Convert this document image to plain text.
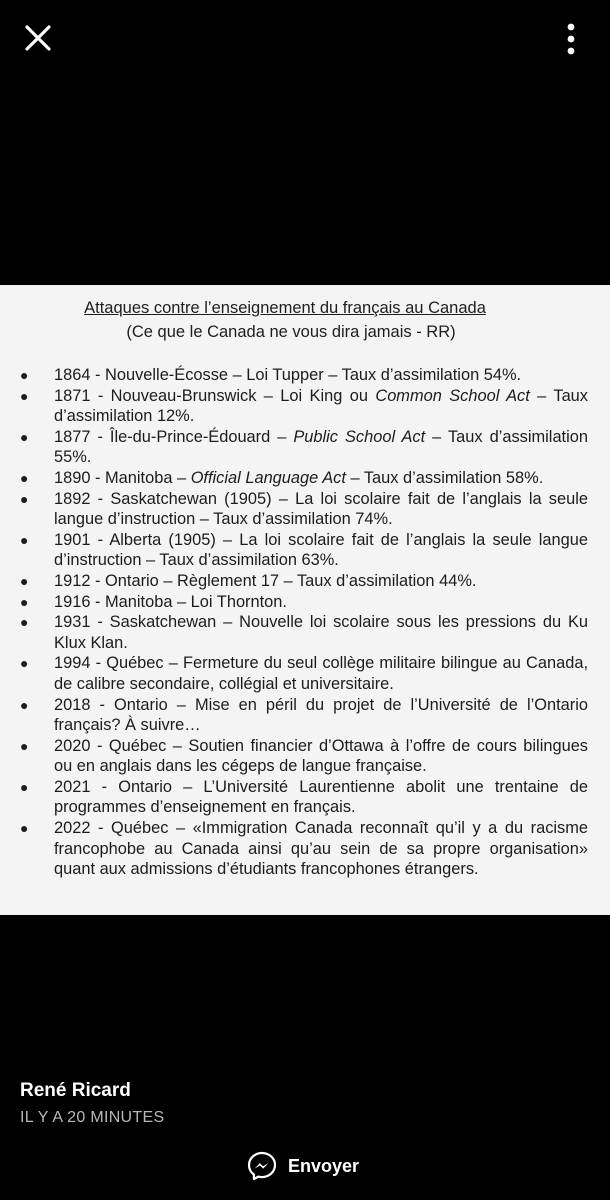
Attaques contre l’enseignement du français au Canada
(Ce que le Canada ne vous dira jamais - RR)
● 1864 - Nouvelle-Écosse – Loi Tupper – Taux d’assimilation 54%.
● 1871 - Nouveau-Brunswick – Loi King ou Common School Act – Taux d’assimilation 12%.
● 1877 - Île-du-Prince-Édouard – Public School Act – Taux d’assimilation 55%.
● 1890 - Manitoba – Official Language Act – Taux d’assimilation 58%.
● 1892 - Saskatchewan (1905) – La loi scolaire fait de l’anglais la seule langue d’instruction – Taux d’assimilation 74%.
● 1901 - Alberta (1905) – La loi scolaire fait de l’anglais la seule langue d’instruction – Taux d’assimilation 63%.
● 1912 - Ontario – Règlement 17 – Taux d’assimilation 44%.
● 1916 - Manitoba – Loi Thornton.
● 1931 - Saskatchewan – Nouvelle loi scolaire sous les pressions du Ku Klux Klan.
● 1994 - Québec – Fermeture du seul collège militaire bilingue au Canada, de calibre secondaire, collégial et universitaire.
● 2018 - Ontario – Mise en péril du projet de l’Université de l’Ontario français? À suivre…
● 2020 - Québec – Soutien financier d’Ottawa à l’offre de cours bilingues ou en anglais dans les cégeps de langue française.
● 2021 - Ontario – L’Université Laurentienne abolit une trentaine de programmes d’enseignement en français.
● 2022 - Québec – «Immigration Canada reconnaît qu’il y a du racisme francophobe au Canada ainsi qu’au sein de sa propre organisation» quant aux admissions d’étudiants francophones étrangers.
René Ricard
IL Y A 20 MINUTES
Envoyer
